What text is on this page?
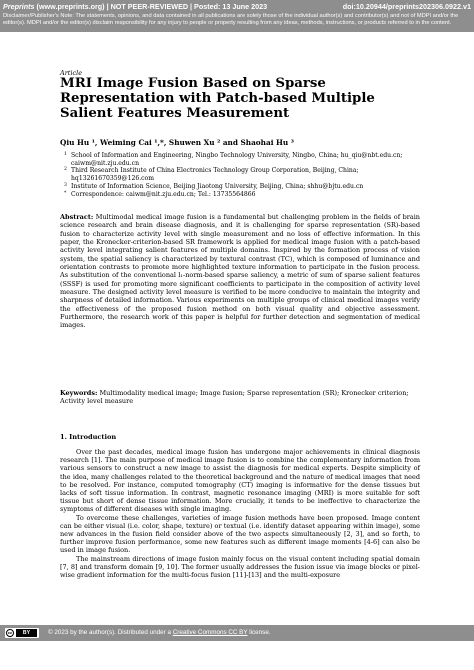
Preprints (www.preprints.org) | NOT PEER-REVIEWED | Posted: 13 June 2023	doi:10.20944/preprints202306.0922.v1
Disclaimer/Publisher's Note: The statements, opinions, and data contained in all publications are solely those of the individual author(s) and contributor(s) and not of MDPI and/or the editor(s). MDPI and/or the editor(s) disclaim responsibility for any injury to people or property resulting from any ideas, methods, instructions, or products referred to in the content.
Article
MRI Image Fusion Based on Sparse Representation with Patch-based Multiple Salient Features Measurement
Qiu Hu ¹, Weiming Cai ¹,*, Shuwen Xu ² and Shaohai Hu ³
1 School of Information and Engineering, Ningbo Technology University, Ningbo, China; hu_qiu@nbt.edu.cn; caiwm@nit.zju.edu.cn
2 Third Research Institute of China Electronics Technology Group Corporation, Beijing, China; hq13261670359@126.com
3 Institute of Information Science, Beijing Jiaotong University, Beijing, China; shhu@bjtu.edu.cn
* Correspondence: caiwm@nit.zju.edu.cn; Tel.: 13735564866
Abstract: Multimodal medical image fusion is a fundamental but challenging problem in the fields of brain science research and brain disease diagnosis, and it is challenging for sparse representation (SR)-based fusion to characterize activity level with single measurement and no loss of effective information. In this paper, the Kronecker-criterion-based SR framework is applied for medical image fusion with a patch-based activity level integrating salient features of multiple domains. Inspired by the formation process of vision system, the spatial saliency is characterized by textural contrast (TC), which is composed of luminance and orientation contrasts to promote more highlighted texture information to participate in the fusion process. As substitution of the conventional l₁-norm-based sparse saliency, a metric of sum of sparse salient features (SSSF) is used for promoting more significant coefficients to participate in the composition of activity level measure. The designed activity level measure is verified to be more conducive to maintain the integrity and sharpness of detailed information. Various experiments on multiple groups of clinical medical images verify the effectiveness of the proposed fusion method on both visual quality and objective assessment. Furthermore, the research work of this paper is helpful for further detection and segmentation of medical images.
Keywords: Multimodality medical image; Image fusion; Sparse representation (SR); Kronecker criterion; Activity level measure
1. Introduction

Over the past decades, medical image fusion has undergone major achievements in clinical diagnosis research [1]. The main purpose of medical image fusion is to combine the complementary information from various sensors to construct a new image to assist the diagnosis for medical experts. Despite simplicity of the idea, many challenges related to the theoretical background and the nature of medical images that need to be resolved. For instance, computed tomography (CT) imaging is informative for the dense tissues but lacks of soft tissue information. In contrast, magnetic resonance imaging (MRI) is more suitable for soft tissue but short of dense tissue information. More crucially, it tends to be ineffective to characterize the symptoms of different diseases with single imaging.

To overcome these challenges, varieties of image fusion methods have been proposed. Image content can be either visual (i.e. color, shape, texture) or textual (i.e. identify dataset appearing within image), some new advances in the fusion field consider above of the two aspects simultaneously [2, 3], and so forth, to further improve fusion performance, some new features such as different image moments [4-6] can also be used in image fusion.

The mainstream directions of image fusion mainly focus on the visual content including spatial domain [7, 8] and transform domain [9, 10]. The former usually addresses the fusion issue via image blocks or pixel-wise gradient information for the multi-focus fusion [11]-[13] and the multi-exposure

cc	BY	© 2023 by the author(s). Distributed under a Creative Commons CC BY license.
